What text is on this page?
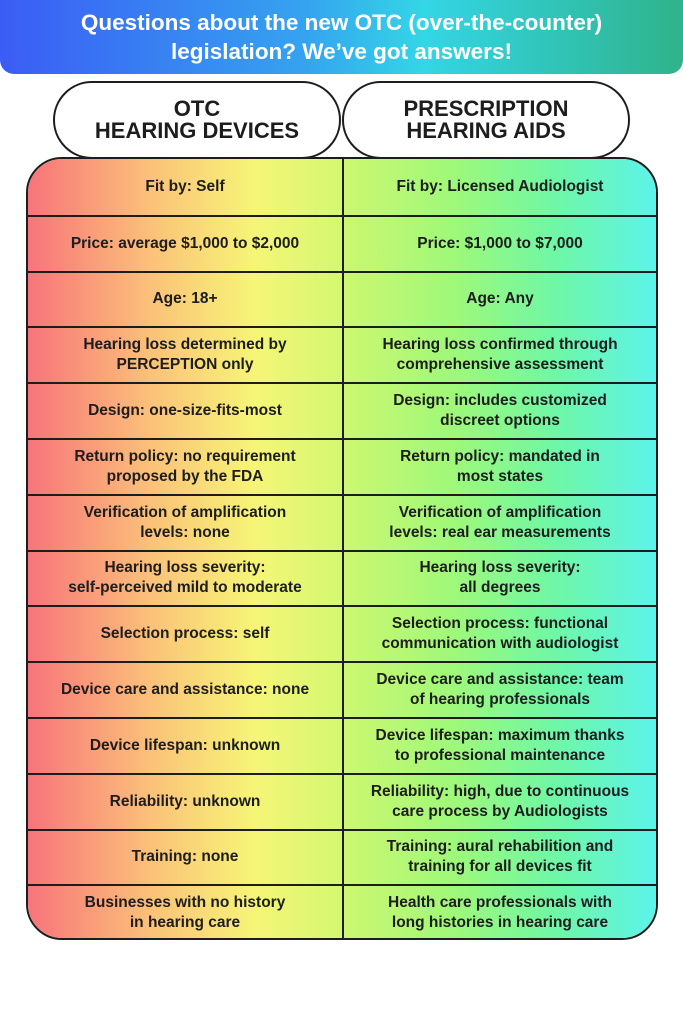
Questions about the new OTC (over-the-counter)
legislation? We’ve got answers!
OTC
HEARING DEVICES
PRESCRIPTION
HEARING AIDS
Fit by: Self
Price: average $1,000 to $2,000
Age: 18+
Hearing loss determined by
PERCEPTION only
Design: one-size-fits-most
Return policy: no requirement
proposed by the FDA
Verification of amplification
levels: none
Hearing loss severity:
self-perceived mild to moderate
Selection process: self
Device care and assistance: none
Device lifespan: unknown
Reliability: unknown
Training: none
Businesses with no history
in hearing care
Fit by: Licensed Audiologist
Price: $1,000 to $7,000
Age: Any
Hearing loss confirmed through
comprehensive assessment
Design: includes customized
discreet options
Return policy: mandated in
most states
Verification of amplification
levels: real ear measurements
Hearing loss severity:
all degrees
Selection process: functional
communication with audiologist
Device care and assistance: team
of hearing professionals
Device lifespan: maximum thanks
to professional maintenance
Reliability: high, due to continuous
care process by Audiologists
Training: aural rehabilition and
training for all devices fit
Health care professionals with
long histories in hearing care
